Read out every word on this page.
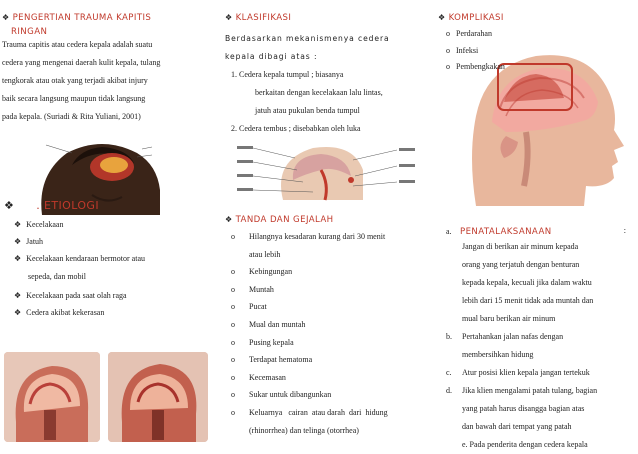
❖ PENGERTIAN TRAUMA KAPITIS
RINGAN
Trauma capitis atau cedera kepala adalah suatu
cedera yang mengenai daerah kulit kepala, tulang
tengkorak atau otak yang terjadi akibat injury
baik secara langsung maupun tidak langsung
pada kepala. (Suriadi & Rita Yuliani, 2001)
❖ . ETIOLOGI
❖ Kecelakaan
❖ Jatuh
❖ Kecelakaan kendaraan bermotor atau
sepeda, dan mobil
❖ Kecelakaan pada saat olah raga
❖ Cedera akibat kekerasan
❖ KLASIFIKASI
Berdasarkan mekanismenya cedera
kepala dibagi atas :
1. Cedera kepala tumpul ; biasanya
berkaitan dengan kecelakaan lalu lintas,
jatuh atau pukulan benda tumpul
2. Cedera tembus ; disebabkan oleh luka
❖ TANDA DAN GEJALAH
o Hilangnya kesadaran kurang dari 30 menit
atau lebih
o Kebingungan
o Muntah
o Pucat
o Mual dan muntah
o Pusing kepala
o Terdapat hematoma
o Kecemasan
o Sukar untuk dibangunkan
o Keluarnya   cairan  atau darah  dari  hidung
(rhinorrhea) dan telinga (otorrhea)
❖ KOMPLIKASI
o Perdarahan
o Infeksi
o Pembengkakan
a. PENATALAKSANAAN	:
Jangan di berikan air minum kepada
orang yang terjatuh dengan benturan
kepada kepala, kecuali jika dalam waktu
lebih dari 15 menit tidak ada muntah dan
mual baru berikan air minum
b. Pertahankan jalan nafas dengan
membersihkan hidung
c. Atur posisi klien kepala jangan tertekuk
d. Jika klien mengalami patah tulang, bagian
yang patah harus disangga bagian atas
dan bawah dari tempat yang patah
e. Pada penderita dengan cedera kepala
